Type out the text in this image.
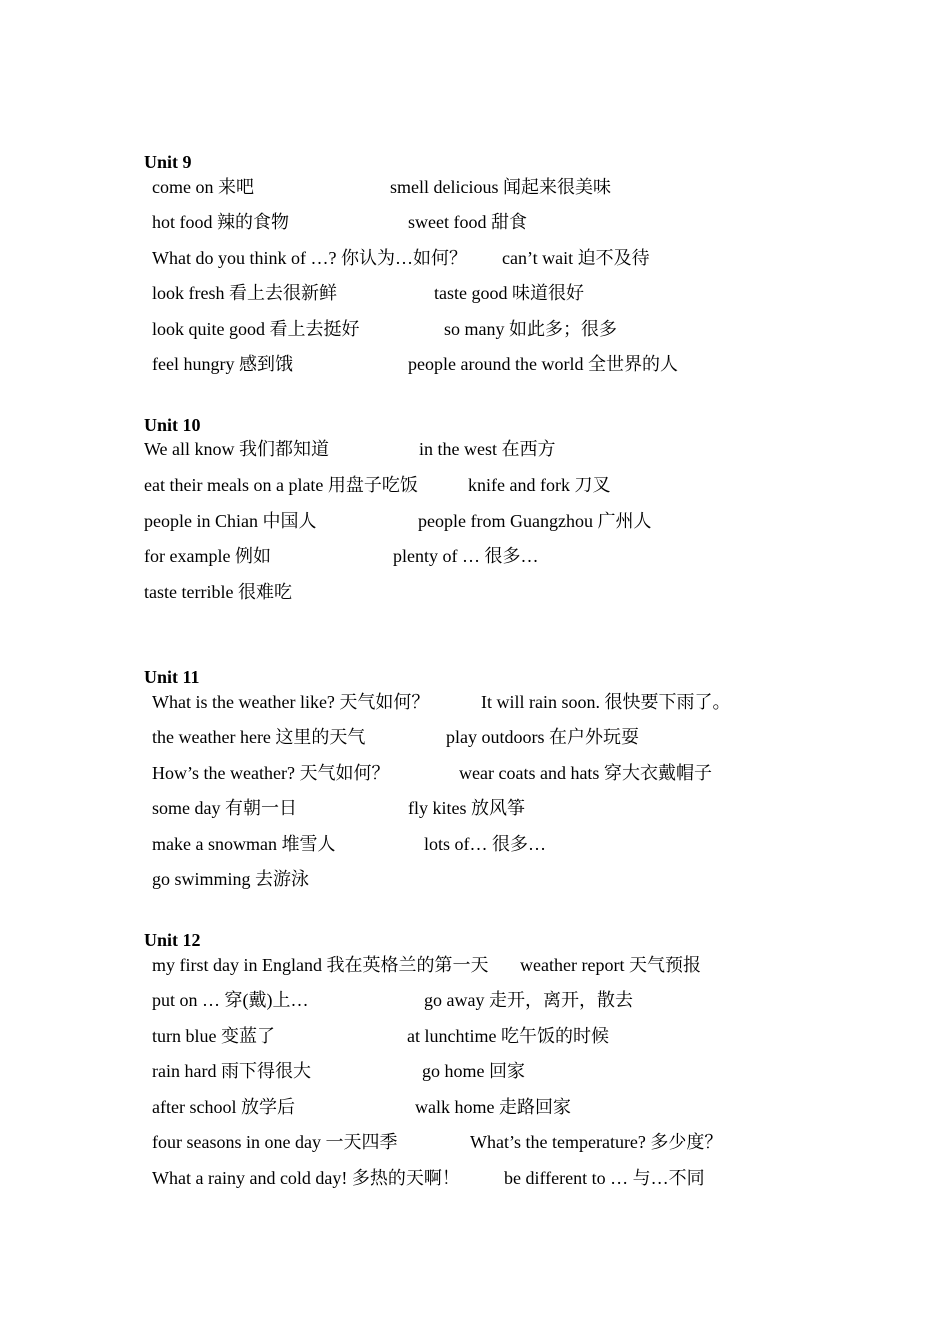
Unit 9
come on 来吧	smell delicious 闻起来很美味
hot food 辣的食物	sweet food 甜食
What do you think of …? 你认为…如何？ can’t wait 迫不及待
look fresh 看上去很新鲜	taste good 味道很好
look quite good 看上去挺好	so many 如此多；很多
feel hungry 感到饿	people around the world 全世界的人
Unit 10
We all know 我们都知道	in the west 在西方
eat their meals on a plate 用盘子吃饭	knife and fork 刀叉
people in Chian 中国人	people from Guangzhou 广州人
for example 例如	plenty of … 很多…
taste terrible 很难吃
Unit 11
What is the weather like? 天气如何？	It will rain soon. 很快要下雨了。
the weather here 这里的天气	play outdoors 在户外玩耍
How’s the weather? 天气如何？	wear coats and hats 穿大衣戴帽子
some day 有朝一日	fly kites 放风筝
make a snowman 堆雪人	lots of… 很多…
go swimming 去游泳
Unit 12
my first day in England 我在英格兰的第一天 weather report 天气预报
put on … 穿(戴)上…	go away 走开，离开，散去
turn blue 变蓝了	at lunchtime 吃午饭的时候
rain hard 雨下得很大	go home 回家
after school 放学后	walk home 走路回家
four seasons in one day 一天四季	What’s the temperature? 多少度？
What a rainy and cold day! 多热的天啊！ be different to … 与…不同
